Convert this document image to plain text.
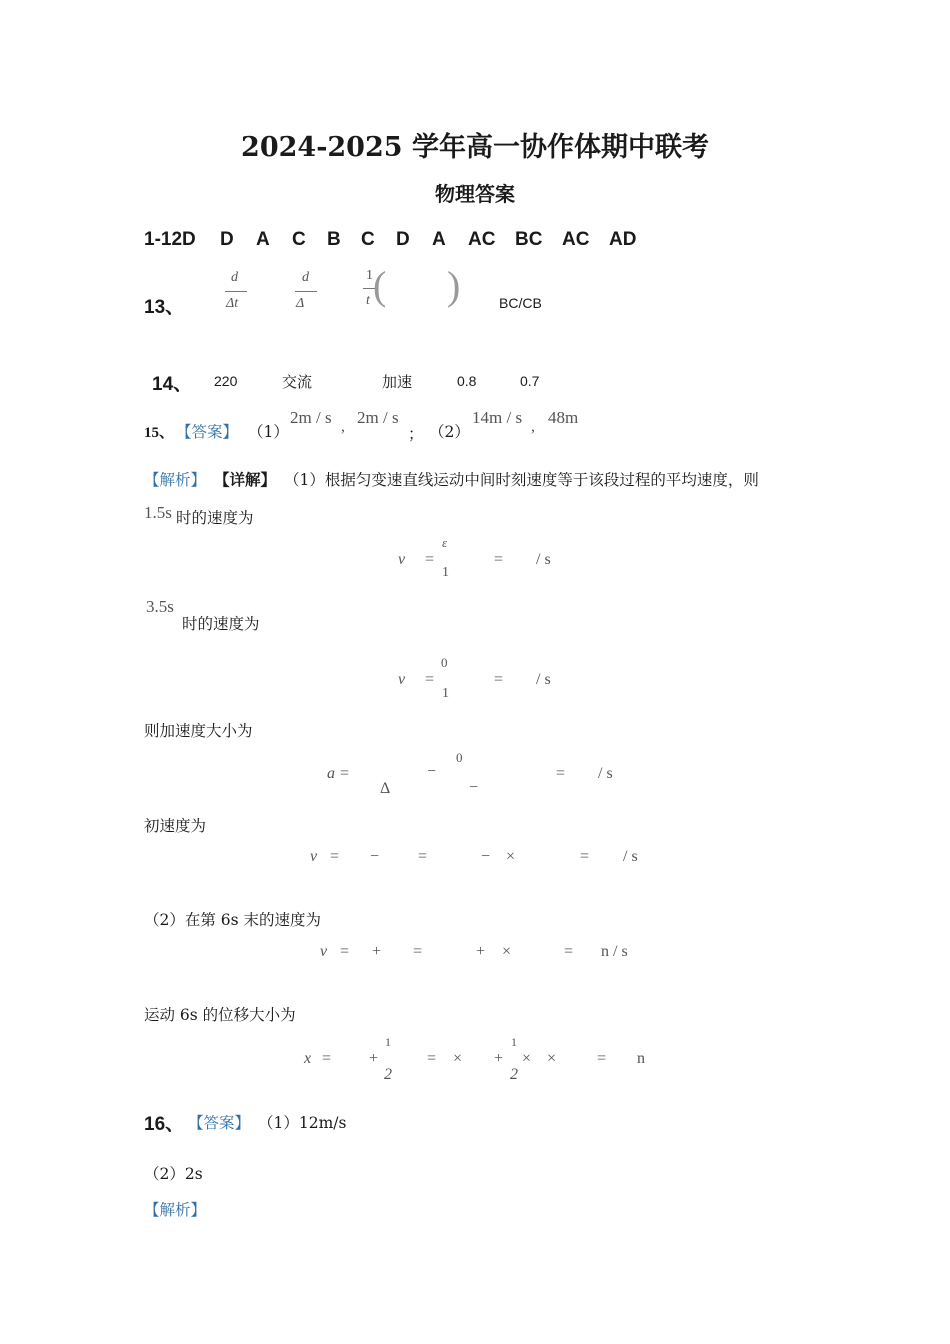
2024-2025 学年高一协作体期中联考
物理答案
1-12D D A C B C D A AC BC AC AD
13、
d
Δt
d
Δ
1
t ( )	BC/CB
14、 220	交流	加速	0.8	0.7
15、 【答案】 （1）
2m / s , 2m / s
； （2）
14m / s , 48m
【解析】 【详解】 （1）根据匀变速直线运动中间时刻速度等于该段过程的平均速度，则
1.5s 时的速度为
v =
ε
1
= / s
3.5s
时的速度为
v =
0
1
= / s
则加速度大小为
a =
Δ
−
0
−
= / s
初速度为
v = − =	− ×	= / s
（2）在第 6s 末的速度为
v = + =	+ ×	= n / s
运动 6s 的位移大小为
x = +
1
2
= × +
1
2
× ×	= n
16、 【答案】 （1）12m/s
（2）2s
【解析】
